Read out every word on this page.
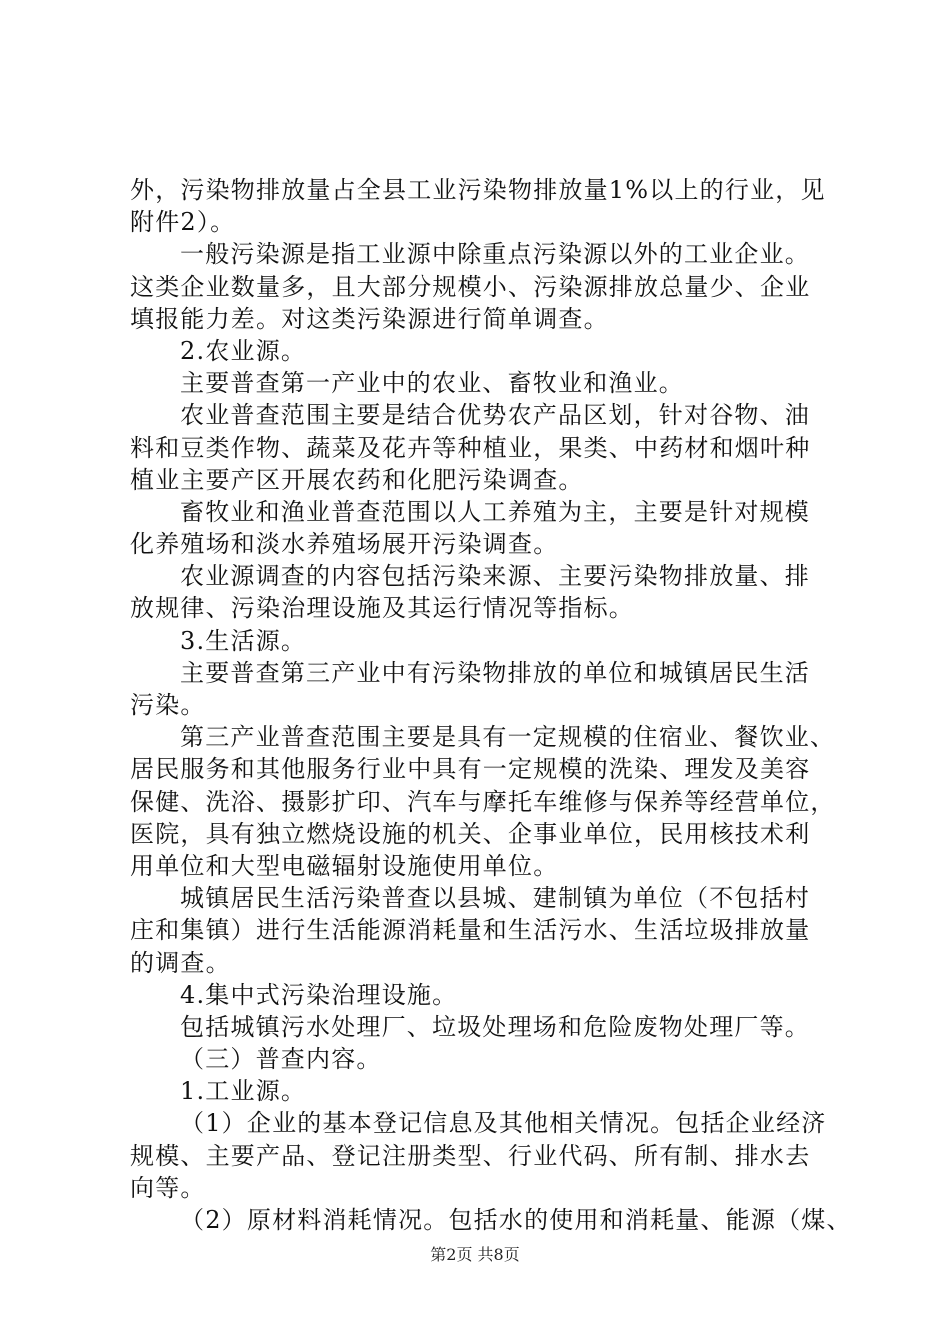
外，污染物排放量占全县工业污染物排放量1%以上的行业，见
附件2）。
一般污染源是指工业源中除重点污染源以外的工业企业。
这类企业数量多，且大部分规模小、污染源排放总量少、企业
填报能力差。对这类污染源进行简单调查。
2.农业源。
主要普查第一产业中的农业、畜牧业和渔业。
农业普查范围主要是结合优势农产品区划，针对谷物、油
料和豆类作物、蔬菜及花卉等种植业，果类、中药材和烟叶种
植业主要产区开展农药和化肥污染调查。
畜牧业和渔业普查范围以人工养殖为主，主要是针对规模
化养殖场和淡水养殖场展开污染调查。
农业源调查的内容包括污染来源、主要污染物排放量、排
放规律、污染治理设施及其运行情况等指标。
3.生活源。
主要普查第三产业中有污染物排放的单位和城镇居民生活
污染。
第三产业普查范围主要是具有一定规模的住宿业、餐饮业、
居民服务和其他服务行业中具有一定规模的洗染、理发及美容
保健、洗浴、摄影扩印、汽车与摩托车维修与保养等经营单位，
医院，具有独立燃烧设施的机关、企事业单位，民用核技术利
用单位和大型电磁辐射设施使用单位。
城镇居民生活污染普查以县城、建制镇为单位（不包括村
庄和集镇）进行生活能源消耗量和生活污水、生活垃圾排放量
的调查。
4.集中式污染治理设施。
包括城镇污水处理厂、垃圾处理场和危险废物处理厂等。
（三）普查内容。
1.工业源。
（1）企业的基本登记信息及其他相关情况。包括企业经济
规模、主要产品、登记注册类型、行业代码、所有制、排水去
向等。
（2）原材料消耗情况。包括水的使用和消耗量、能源（煤、
第2页 共8页
